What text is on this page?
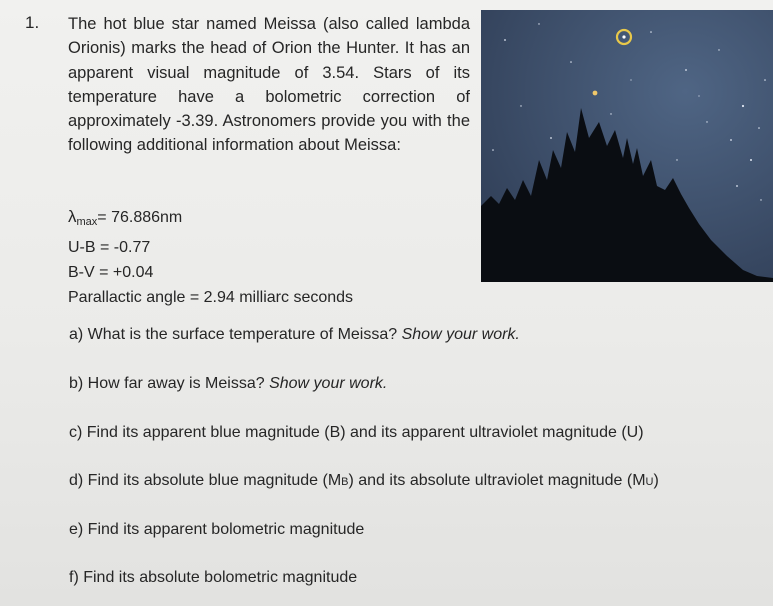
1. The hot blue star named Meissa (also called lambda Orionis) marks the head of Orion the Hunter. It has an apparent visual magnitude of 3.54. Stars of its temperature have a bolometric correction of approximately -3.39. Astronomers provide you with the following additional information about Meissa:
$\lambda_{max}= 76.886nm$
U-B = -0.77
B-V = +0.04
Parallactic angle = 2.94 milliarc seconds
a) What is the surface temperature of Meissa? Show your work.
b) How far away is Meissa? Show your work.
c) Find its apparent blue magnitude (B) and its apparent ultraviolet magnitude (U)
d) Find its absolute blue magnitude (MB) and its absolute ultraviolet magnitude (MU)
e) Find its apparent bolometric magnitude
f) Find its absolute bolometric magnitude
